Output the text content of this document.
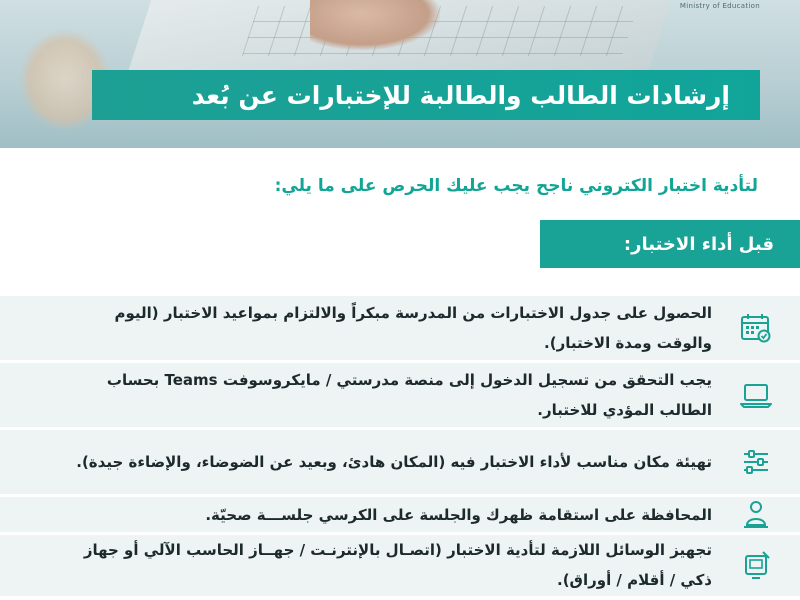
Ministry of Education
إرشادات الطالب والطالبة للإختبارات عن بُعد
لتأدية اختبار الكتروني ناجح يجب عليك الحرص على ما يلي:
قبل أداء الاختبار:
الحصول على جدول الاختبارات من المدرسة مبكراً والالتزام بمواعيد الاختبار (اليوم والوقت ومدة الاختبار).
يجب التحقق من تسجيل الدخول إلى منصة مدرستي / مايكروسوفت Teams بحساب الطالب المؤدي للاختبار.
تهيئة مكان مناسب لأداء الاختبار فيه (المكان هادئ، وبعيد عن الضوضاء، والإضاءة جيدة).
المحافظة على استقامة ظهرك والجلسة على الكرسي جلســـة صحيّة.
تجهيز الوسائل اللازمة لتأدية الاختبار (اتصـال بالإنترنـت / جهــاز الحاسب الآلي أو جهاز ذكي / أقلام / أوراق).
